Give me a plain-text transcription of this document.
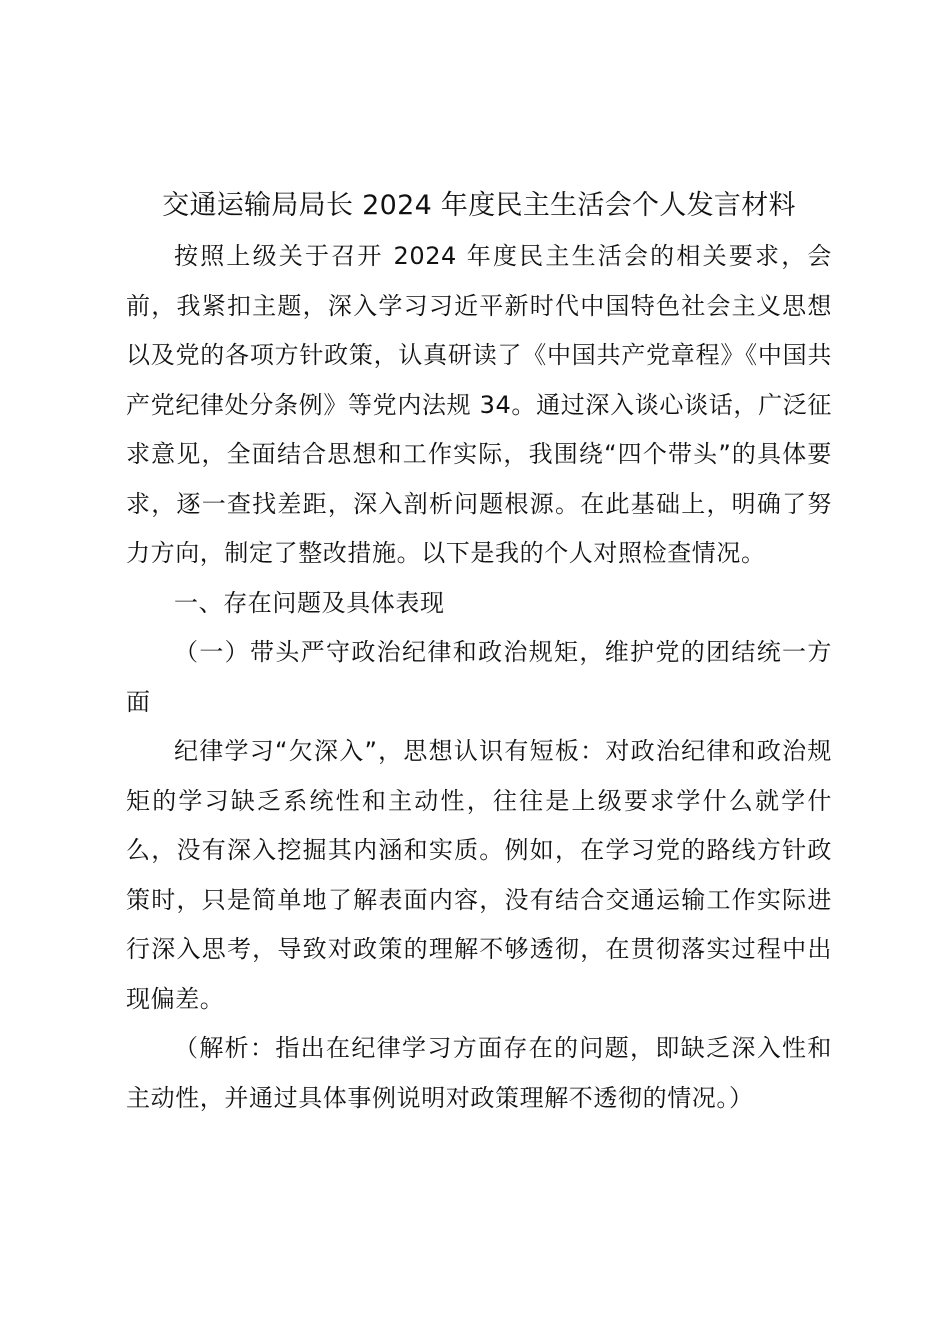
交通运输局局长 2024 年度民主生活会个人发言材料

按照上级关于召开 2024 年度民主生活会的相关要求，会前，我紧扣主题，深入学习习近平新时代中国特色社会主义思想以及党的各项方针政策，认真研读了《中国共产党章程》《中国共产党纪律处分条例》等党内法规 34。通过深入谈心谈话，广泛征求意见，全面结合思想和工作实际，我围绕“四个带头”的具体要求，逐一查找差距，深入剖析问题根源。在此基础上，明确了努力方向，制定了整改措施。以下是我的个人对照检查情况。

一、存在问题及具体表现

（一）带头严守政治纪律和政治规矩，维护党的团结统一方面

纪律学习“欠深入”，思想认识有短板：对政治纪律和政治规矩的学习缺乏系统性和主动性，往往是上级要求学什么就学什么，没有深入挖掘其内涵和实质。例如，在学习党的路线方针政策时，只是简单地了解表面内容，没有结合交通运输工作实际进行深入思考，导致对政策的理解不够透彻，在贯彻落实过程中出现偏差。

（解析：指出在纪律学习方面存在的问题，即缺乏深入性和主动性，并通过具体事例说明对政策理解不透彻的情况。）
